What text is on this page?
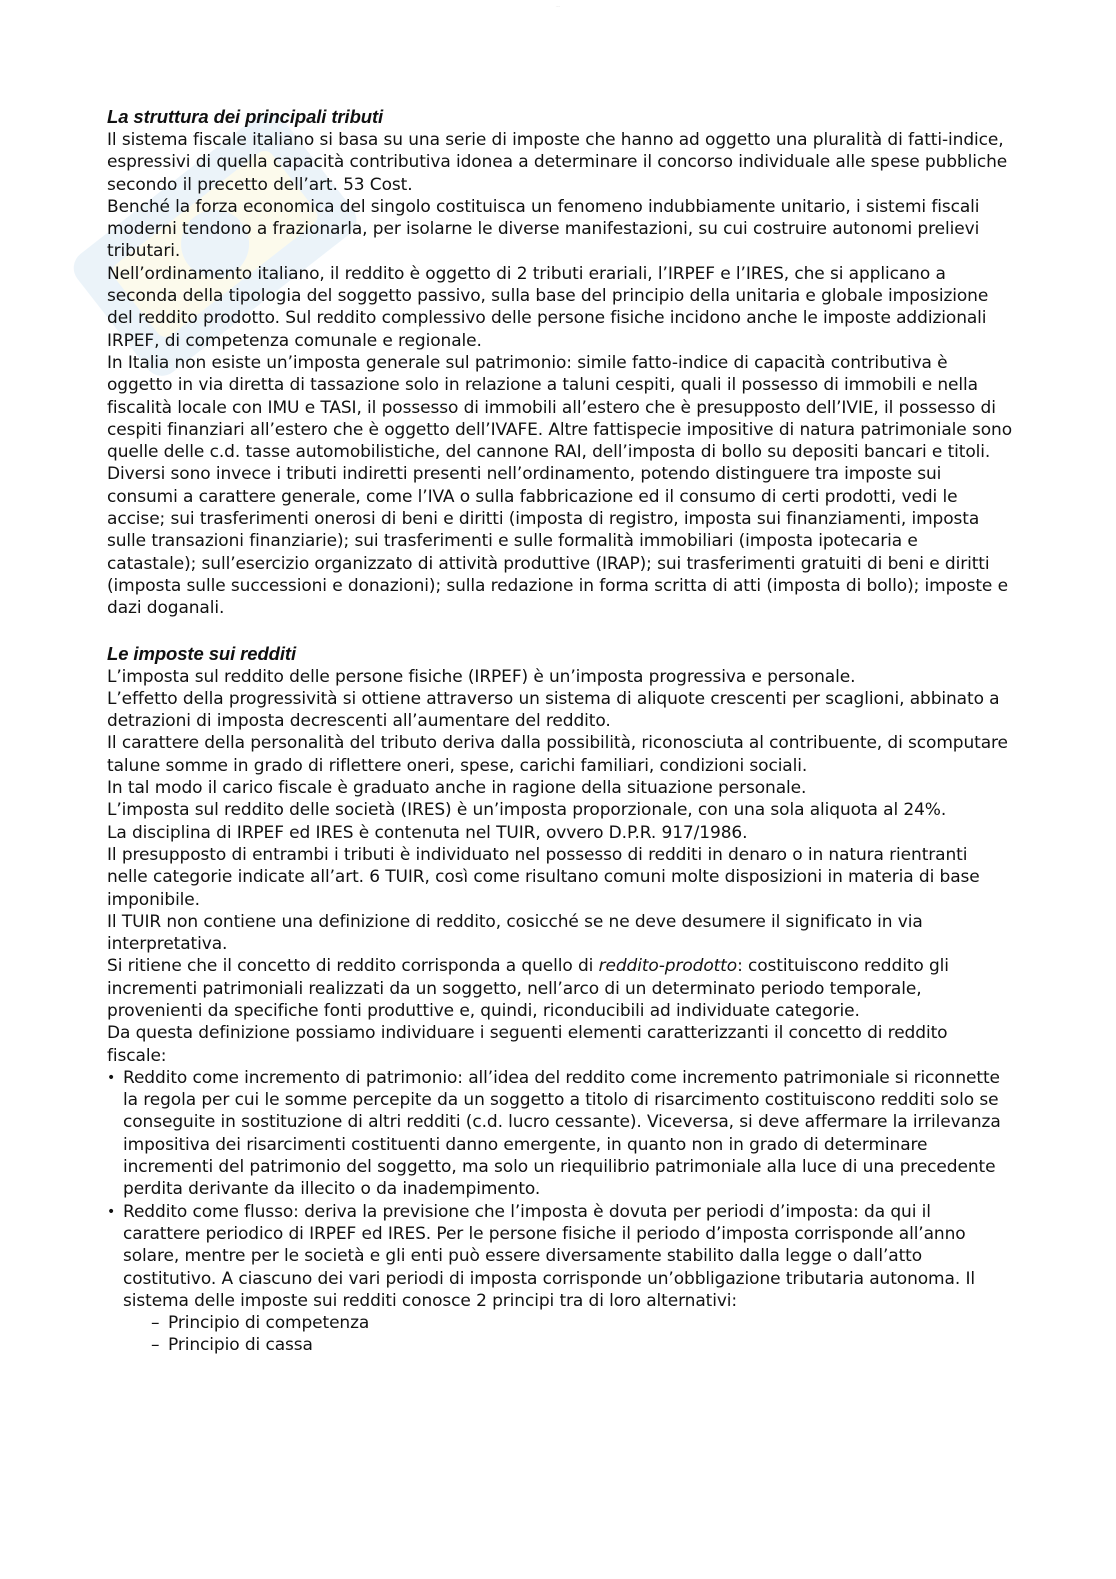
·····
La struttura dei principali tributi

Il sistema fiscale italiano si basa su una serie di imposte che hanno ad oggetto una pluralità di fatti-indice, espressivi di quella capacità contributiva idonea a determinare il concorso individuale alle spese pubbliche secondo il precetto dell’art. 53 Cost.

Benché la forza economica del singolo costituisca un fenomeno indubbiamente unitario, i sistemi fiscali moderni tendono a frazionarla, per isolarne le diverse manifestazioni, su cui costruire autonomi prelievi tributari.

Nell’ordinamento italiano, il reddito è oggetto di 2 tributi erariali, l’IRPEF e l’IRES, che si applicano a seconda della tipologia del soggetto passivo, sulla base del principio della unitaria e globale imposizione del reddito prodotto. Sul reddito complessivo delle persone fisiche incidono anche le imposte addizionali IRPEF, di competenza comunale e regionale.

In Italia non esiste un’imposta generale sul patrimonio: simile fatto-indice di capacità contributiva è oggetto in via diretta di tassazione solo in relazione a taluni cespiti, quali il possesso di immobili e nella fiscalità locale con IMU e TASI, il possesso di immobili all’estero che è presupposto dell’IVIE, il possesso di cespiti finanziari all’estero che è oggetto dell’IVAFE. Altre fattispecie impositive di natura patrimoniale sono quelle delle c.d. tasse automobilistiche, del cannone RAI, dell’imposta di bollo su depositi bancari e titoli.

Diversi sono invece i tributi indiretti presenti nell’ordinamento, potendo distinguere tra imposte sui consumi a carattere generale, come l’IVA o sulla fabbricazione ed il consumo di certi prodotti, vedi le accise; sui trasferimenti onerosi di beni e diritti (imposta di registro, imposta sui finanziamenti, imposta sulle transazioni finanziarie); sui trasferimenti e sulle formalità immobiliari (imposta ipotecaria e catastale); sull’esercizio organizzato di attività produttive (IRAP); sui trasferimenti gratuiti di beni e diritti (imposta sulle successioni e donazioni); sulla redazione in forma scritta di atti (imposta di bollo); imposte e dazi doganali.

Le imposte sui redditi

L’imposta sul reddito delle persone fisiche (IRPEF) è un’imposta progressiva e personale.

L’effetto della progressività si ottiene attraverso un sistema di aliquote crescenti per scaglioni, abbinato a detrazioni di imposta decrescenti all’aumentare del reddito.

Il carattere della personalità del tributo deriva dalla possibilità, riconosciuta al contribuente, di scomputare talune somme in grado di riflettere oneri, spese, carichi familiari, condizioni sociali.

In tal modo il carico fiscale è graduato anche in ragione della situazione personale.

L’imposta sul reddito delle società (IRES) è un’imposta proporzionale, con una sola aliquota al 24%.

La disciplina di IRPEF ed IRES è contenuta nel TUIR, ovvero D.P.R. 917/1986.

Il presupposto di entrambi i tributi è individuato nel possesso di redditi in denaro o in natura rientranti nelle categorie indicate all’art. 6 TUIR, così come risultano comuni molte disposizioni in materia di base imponibile.

Il TUIR non contiene una definizione di reddito, cosicché se ne deve desumere il significato in via interpretativa.

Si ritiene che il concetto di reddito corrisponda a quello di reddito-prodotto: costituiscono reddito gli incrementi patrimoniali realizzati da un soggetto, nell’arco di un determinato periodo temporale, provenienti da specifiche fonti produttive e, quindi, riconducibili ad individuate categorie.

Da questa definizione possiamo individuare i seguenti elementi caratterizzanti il concetto di reddito fiscale:

• Reddito come incremento di patrimonio: all’idea del reddito come incremento patrimoniale si riconnette la regola per cui le somme percepite da un soggetto a titolo di risarcimento costituiscono redditi solo se conseguite in sostituzione di altri redditi (c.d. lucro cessante). Viceversa, si deve affermare la irrilevanza impositiva dei risarcimenti costituenti danno emergente, in quanto non in grado di determinare incrementi del patrimonio del soggetto, ma solo un riequilibrio patrimoniale alla luce di una precedente perdita derivante da illecito o da inadempimento.
• Reddito come flusso: deriva la previsione che l’imposta è dovuta per periodi d’imposta: da qui il carattere periodico di IRPEF ed IRES. Per le persone fisiche il periodo d’imposta corrisponde all’anno solare, mentre per le società e gli enti può essere diversamente stabilito dalla legge o dall’atto costitutivo. A ciascuno dei vari periodi di imposta corrisponde un’obbligazione tributaria autonoma. Il sistema delle imposte sui redditi conosce 2 principi tra di loro alternativi:
– Principio di competenza
– Principio di cassa
